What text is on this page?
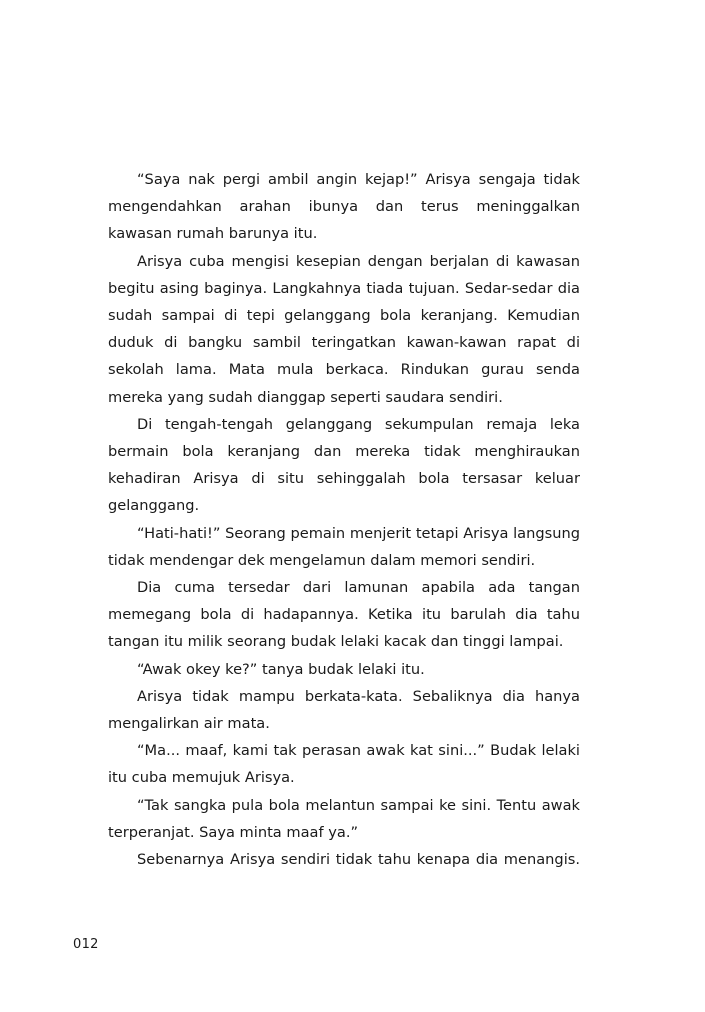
“Saya nak pergi ambil angin kejap!” Arisya sengaja tidak mengendahkan arahan ibunya dan terus meninggalkan kawasan rumah barunya itu.

Arisya cuba mengisi kesepian dengan berjalan di kawasan begitu asing baginya. Langkahnya tiada tujuan. Sedar-sedar dia sudah sampai di tepi gelanggang bola keranjang. Kemudian duduk di bangku sambil teringatkan kawan-kawan rapat di sekolah lama. Mata mula berkaca. Rindukan gurau senda mereka yang sudah dianggap seperti saudara sendiri.

Di tengah-tengah gelanggang sekumpulan remaja leka bermain bola keranjang dan mereka tidak menghiraukan kehadiran Arisya di situ sehinggalah bola tersasar keluar gelanggang.

“Hati-hati!” Seorang pemain menjerit tetapi Arisya langsung tidak mendengar dek mengelamun dalam memori sendiri.

Dia cuma tersedar dari lamunan apabila ada tangan memegang bola di hadapannya. Ketika itu barulah dia tahu tangan itu milik seorang budak lelaki kacak dan tinggi lampai.

“Awak okey ke?” tanya budak lelaki itu.

Arisya tidak mampu berkata-kata. Sebaliknya dia hanya mengalirkan air mata.

“Ma... maaf, kami tak perasan awak kat sini...” Budak lelaki itu cuba memujuk Arisya.

“Tak sangka pula bola melantun sampai ke sini. Tentu awak terperanjat. Saya minta maaf ya.”

Sebenarnya Arisya sendiri tidak tahu kenapa dia menangis.

012
